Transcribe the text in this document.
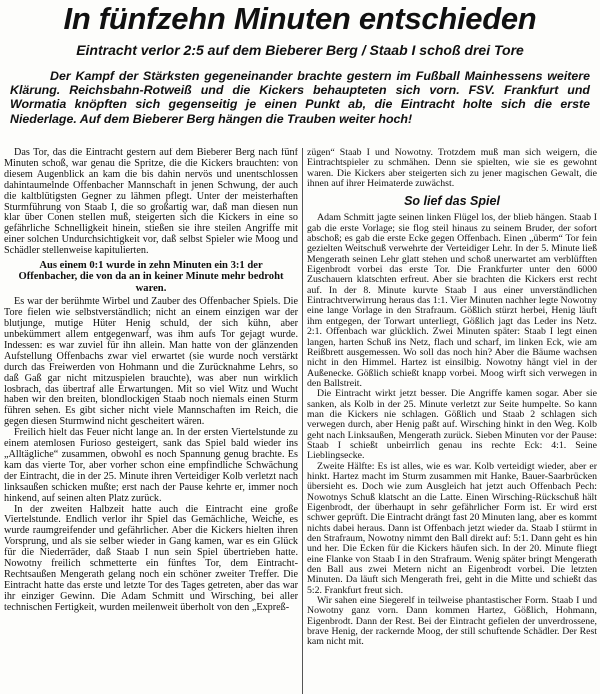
In fünfzehn Minuten entschieden
Eintracht verlor 2:5 auf dem Bieberer Berg / Staab I schoß drei Tore

Der Kampf der Stärksten gegeneinander brachte gestern im Fußball Mainhessens weitere Klärung. Reichsbahn-Rotweiß und die Kickers behaupteten sich vorn. FSV. Frankfurt und Wormatia knöpften sich gegenseitig je einen Punkt ab, die Eintracht holte sich die erste Niederlage. Auf dem Bieberer Berg hängen die Trauben weiter hoch!

Das Tor, das die Eintracht gestern auf dem Bieberer Berg nach fünf Minuten schoß, war genau die Spritze, die die Kickers brauchten: von diesem Augenblick an kam die bis dahin nervös und unentschlossen dahintaumelnde Offenbacher Mannschaft in jenen Schwung, der auch die kaltblütigsten Gegner zu lähmen pflegt. Unter der meisterhaften Sturmführung von Staab I, die so großartig war, daß man diesen nun klar über Conen stellen muß, steigerten sich die Kickers in eine so gefährliche Schnelligkeit hinein, stießen sie ihre steilen Angriffe mit einer solchen Undurchsichtigkeit vor, daß selbst Spieler wie Moog und Schädler stellenweise kapitulierten.

Aus einem 0:1 wurde in zehn Minuten ein 3:1 der Offenbacher, die von da an in keiner Minute mehr bedroht waren.

Es war der berühmte Wirbel und Zauber des Offenbacher Spiels. Die Tore fielen wie selbstverständlich; nicht an einem einzigen war der blutjunge, mutige Hüter Henig schuld, der sich kühn, aber unbekümmert allem entgegenwarf, was ihm aufs Tor gejagt wurde. Indessen: es war zuviel für ihn allein. Man hatte von der glänzenden Aufstellung Offenbachs zwar viel erwartet (sie wurde noch verstärkt durch das Freiwerden von Hohmann und die Zurücknahme Lehrs, so daß Gaß gar nicht mitzuspielen brauchte), was aber nun wirklich losbrach, das übertraf alle Erwartungen. Mit so viel Witz und Wucht haben wir den breiten, blondlockigen Staab noch niemals einen Sturm führen sehen. Es gibt sicher nicht viele Mannschaften im Reich, die gegen diesen Sturmwind nicht gescheitert wären.

Freilich hielt das Feuer nicht lange an. In der ersten Viertelstunde zu einem atemlosen Furioso gesteigert, sank das Spiel bald wieder ins „Alltägliche“ zusammen, obwohl es noch Spannung genug brachte. Es kam das vierte Tor, aber vorher schon eine empfindliche Schwächung der Eintracht, die in der 25. Minute ihren Verteidiger Kolb verletzt nach linksaußen schicken mußte; erst nach der Pause kehrte er, immer noch hinkend, auf seinen alten Platz zurück.

In der zweiten Halbzeit hatte auch die Eintracht eine große Viertelstunde. Endlich verlor ihr Spiel das Gemächliche, Weiche, es wurde raumgreifender und gefährlicher. Aber die Kickers hielten ihren Vorsprung, und als sie selber wieder in Gang kamen, war es ein Glück für die Niederräder, daß Staab I nun sein Spiel übertrieben hatte. Nowotny freilich schmetterte ein fünftes Tor, dem Eintracht-Rechtsaußen Mengerath gelang noch ein schöner zweiter Treffer. Die Eintracht hatte das erste und letzte Tor des Tages getreten, aber das war ihr einziger Gewinn. Die Adam Schmitt und Wirsching, bei aller technischen Fertigkeit, wurden meilenweit überholt von den „Expreß-

zügen“ Staab I und Nowotny. Trotzdem muß man sich weigern, die Eintrachtspieler zu schmähen. Denn sie spielten, wie sie es gewohnt waren. Die Kickers aber steigerten sich zu jener magischen Gewalt, die ihnen auf ihrer Heimaterde zuwächst.

So lief das Spiel

Adam Schmitt jagte seinen linken Flügel los, der blieb hängen. Staab I gab die erste Vorlage; sie flog steil hinaus zu seinem Bruder, der sofort abschoß; es gab die erste Ecke gegen Offenbach. Einen „überm“ Tor fein gezielten Weitschuß verwehrte der Verteidiger Lehr. In der 5. Minute ließ Mengerath seinen Lehr glatt stehen und schoß unerwartet am verblüfften Eigenbrodt vorbei das erste Tor. Die Frankfurter unter den 6000 Zuschauern klatschten erfreut. Aber sie brachten die Kickers erst recht auf. In der 8. Minute kurvte Staab I aus einer unverständlichen Eintrachtverwirrung heraus das 1:1. Vier Minuten nachher legte Nowotny eine lange Vorlage in den Strafraum. Gößlich stürzt herbei, Henig läuft ihm entgegen, der Torwart unterliegt, Gößlich jagt das Leder ins Netz. 2:1. Offenbach war glücklich. Zwei Minuten später: Staab I legt einen langen, harten Schuß ins Netz, flach und scharf, im linken Eck, wie am Reißbrett ausgemessen. Wo soll das noch hin? Aber die Bäume wachsen nicht in den Himmel. Hartez ist einsilbig. Nowotny hängt viel in der Außenecke. Gößlich schießt knapp vorbei. Moog wirft sich verwegen in den Ballstreit.

Die Eintracht wirkt jetzt besser. Die Angriffe kamen sogar. Aber sie sanken, als Kolb in der 25. Minute verletzt zur Seite humpelte. So kann man die Kickers nie schlagen. Gößlich und Staab 2 schlagen sich verwegen durch, aber Henig paßt auf. Wirsching hinkt in den Weg. Kolb geht nach Linksaußen, Mengerath zurück. Sieben Minuten vor der Pause: Staab I schießt unbeirrlich genau ins rechte Eck: 4:1. Seine Lieblingsecke.

Zweite Hälfte: Es ist alles, wie es war. Kolb verteidigt wieder, aber er hinkt. Hartez macht im Sturm zusammen mit Hanke, Bauer-Saarbrücken übersieht es. Doch wie zum Ausgleich hat jetzt auch Offenbach Pech: Nowotnys Schuß klatscht an die Latte. Einen Wirsching-Rückschuß hält Eigenbrodt, der überhaupt in sehr gefährlicher Form ist. Er wird erst schwer geprüft. Die Eintracht drängt fast 20 Minuten lang, aber es kommt nichts dabei heraus. Dann ist Offenbach jetzt wieder da. Staab I stürmt in den Strafraum, Nowotny nimmt den Ball direkt auf: 5:1. Dann geht es hin und her. Die Ecken für die Kickers häufen sich. In der 20. Minute fliegt eine Flanke von Staab I in den Strafraum. Wenig später bringt Mengerath den Ball aus zwei Metern nicht an Eigenbrodt vorbei. Die letzten Minuten. Da läuft sich Mengerath frei, geht in die Mitte und schießt das 5:2. Frankfurt freut sich.

Wir sahen eine Siegerelf in teilweise phantastischer Form. Staab I und Nowotny ganz vorn. Dann kommen Hartez, Gößlich, Hohmann, Eigenbrodt. Dann der Rest. Bei der Eintracht gefielen der unverdrossene, brave Henig, der rackernde Moog, der still schuftende Schädler. Der Rest kam nicht mit.
